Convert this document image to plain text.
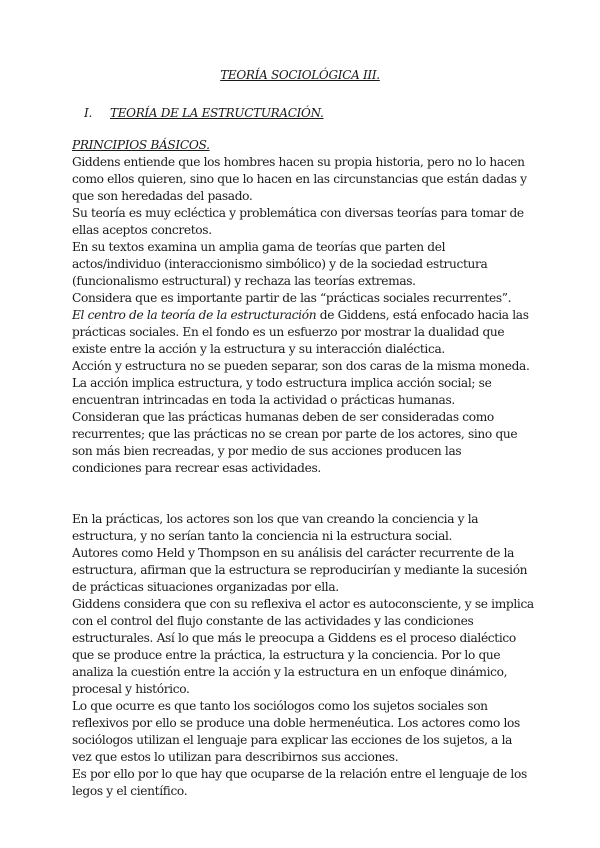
TEORÍA SOCIOLÓGICA III.
I. TEORÍA DE LA ESTRUCTURACIÓN.
PRINCIPIOS BÁSICOS.

Giddens entiende que los hombres hacen su propia historia, pero no lo hacen como ellos quieren, sino que lo hacen en las circunstancias que están dadas y que son heredadas del pasado.

Su teoría es muy ecléctica y problemática con diversas teorías para tomar de ellas aceptos concretos.

En su textos examina un amplia gama de teorías que parten del actos/individuo (interaccionismo simbólico) y de la sociedad estructura (funcionalismo estructural) y rechaza las teorías extremas.

Considera que es importante partir de las “prácticas sociales recurrentes”.

El centro de la teoría de la estructuración de Giddens, está enfocado hacia las prácticas sociales. En el fondo es un esfuerzo por mostrar la dualidad que existe entre la acción y la estructura y su interacción dialéctica.

Acción y estructura no se pueden separar, son dos caras de la misma moneda. La acción implica estructura, y todo estructura implica acción social; se encuentran intrincadas en toda la actividad o prácticas humanas.

Consideran que las prácticas humanas deben de ser consideradas como recurrentes; que las prácticas no se crean por parte de los actores, sino que son más bien recreadas, y por medio de sus acciones producen las condiciones para recrear esas actividades.

En la prácticas, los actores son los que van creando la conciencia y la estructura, y no serían tanto la conciencia ni la estructura social.

Autores como Held y Thompson en su análisis del carácter recurrente de la estructura, afirman que la estructura se reproducirían y mediante la sucesión de prácticas situaciones organizadas por ella.

Giddens considera que con su reflexiva el actor es autoconsciente, y se implica con el control del flujo constante de las actividades y las condiciones estructurales. Así lo que más le preocupa a Giddens es el proceso dialéctico que se produce entre la práctica, la estructura y la conciencia. Por lo que analiza la cuestión entre la acción y la estructura en un enfoque dinámico, procesal y histórico.

Lo que ocurre es que tanto los sociólogos como los sujetos sociales son reflexivos por ello se produce una doble hermenéutica. Los actores como los sociólogos utilizan el lenguaje para explicar las ecciones de los sujetos, a la vez que estos lo utilizan para describirnos sus acciones.

Es por ello por lo que hay que ocuparse de la relación entre el lenguaje de los legos y el científico.
